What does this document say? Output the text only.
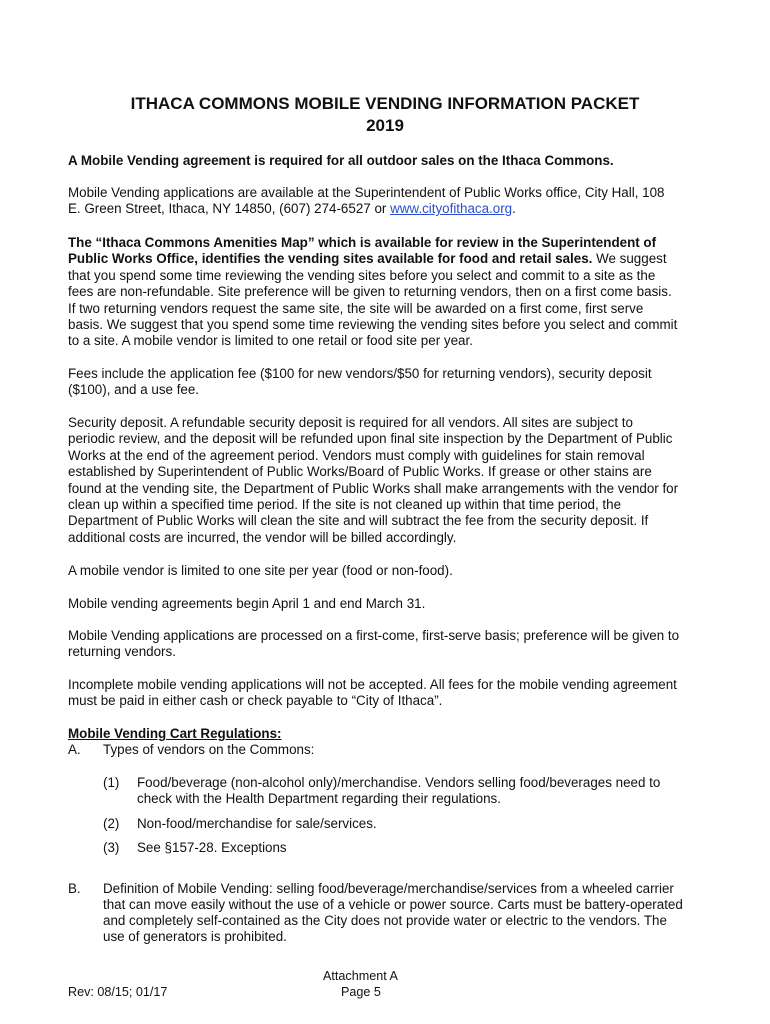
ITHACA COMMONS MOBILE VENDING INFORMATION PACKET
2019

A Mobile Vending agreement is required for all outdoor sales on the Ithaca Commons.

Mobile Vending applications are available at the Superintendent of Public Works office, City Hall, 108
E. Green Street, Ithaca, NY 14850, (607) 274-6527 or www.cityofithaca.org.

The “Ithaca Commons Amenities Map” which is available for review in the Superintendent of
Public Works Office, identifies the vending sites available for food and retail sales. We suggest
that you spend some time reviewing the vending sites before you select and commit to a site as the
fees are non-refundable. Site preference will be given to returning vendors, then on a first come basis.
If two returning vendors request the same site, the site will be awarded on a first come, first serve
basis. We suggest that you spend some time reviewing the vending sites before you select and commit
to a site. A mobile vendor is limited to one retail or food site per year.

Fees include the application fee ($100 for new vendors/$50 for returning vendors), security deposit
($100), and a use fee.

Security deposit. A refundable security deposit is required for all vendors. All sites are subject to
periodic review, and the deposit will be refunded upon final site inspection by the Department of Public
Works at the end of the agreement period. Vendors must comply with guidelines for stain removal
established by Superintendent of Public Works/Board of Public Works. If grease or other stains are
found at the vending site, the Department of Public Works shall make arrangements with the vendor for
clean up within a specified time period. If the site is not cleaned up within that time period, the
Department of Public Works will clean the site and will subtract the fee from the security deposit. If
additional costs are incurred, the vendor will be billed accordingly.

A mobile vendor is limited to one site per year (food or non-food).

Mobile vending agreements begin April 1 and end March 31.

Mobile Vending applications are processed on a first-come, first-serve basis; preference will be given to
returning vendors.

Incomplete mobile vending applications will not be accepted. All fees for the mobile vending agreement
must be paid in either cash or check payable to “City of Ithaca”.

Mobile Vending Cart Regulations:

A. Types of vendors on the Commons:
(1) Food/beverage (non-alcohol only)/merchandise. Vendors selling food/beverages need to
check with the Health Department regarding their regulations.
(2) Non-food/merchandise for sale/services.
(3) See §157-28. Exceptions
B. Definition of Mobile Vending: selling food/beverage/merchandise/services from a wheeled carrier
that can move easily without the use of a vehicle or power source. Carts must be battery-operated
and completely self-contained as the City does not provide water or electric to the vendors. The
use of generators is prohibited.
Attachment A
Rev: 08/15; 01/17	Page 5
